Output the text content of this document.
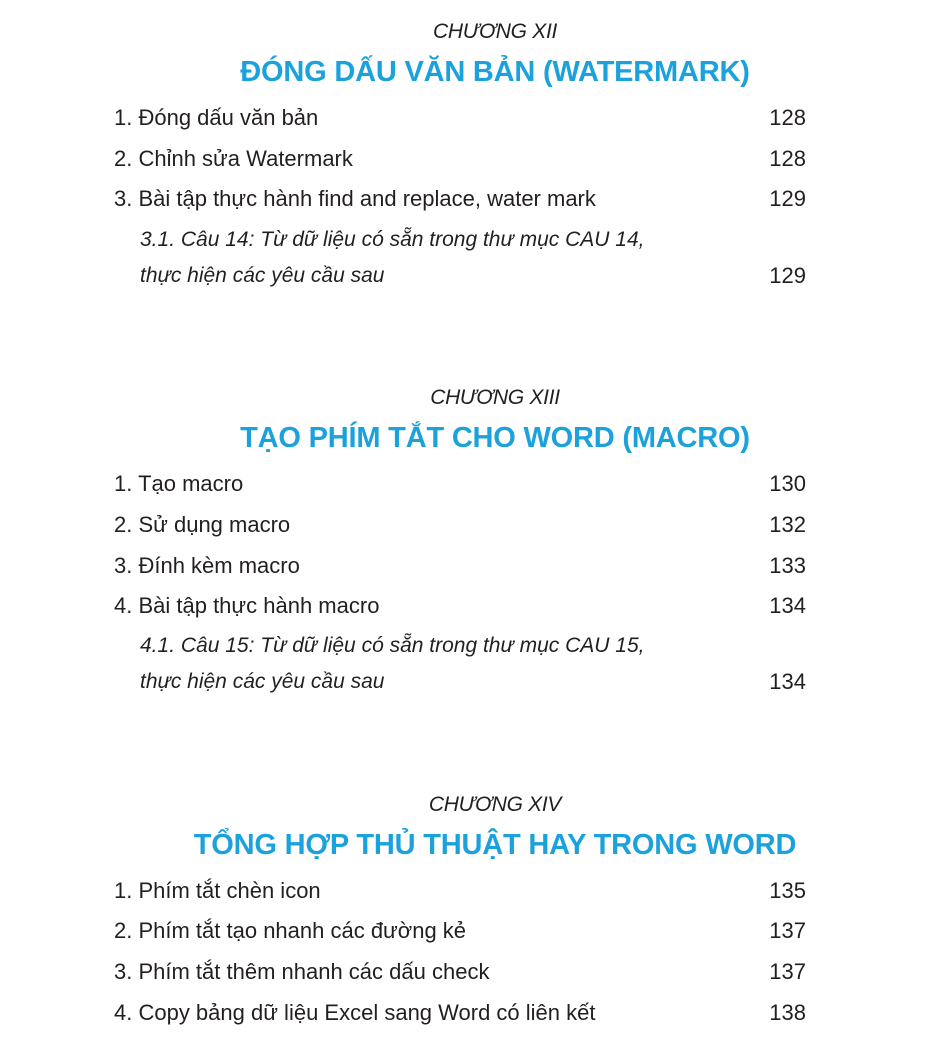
CHƯƠNG XII
ĐÓNG DẤU VĂN BẢN (WATERMARK)
1. Đóng dấu văn bản	128
2. Chỉnh sửa Watermark	128
3. Bài tập thực hành find and replace, water mark	129
3.1. Câu 14: Từ dữ liệu có sẵn trong thư mục CAU 14,
thực hiện các yêu cầu sau	129
CHƯƠNG XIII
TẠO PHÍM TẮT CHO WORD (MACRO)
1. Tạo macro	130
2. Sử dụng macro	132
3. Đính kèm macro	133
4. Bài tập thực hành macro	134
4.1. Câu 15: Từ dữ liệu có sẵn trong thư mục CAU 15,
thực hiện các yêu cầu sau	134
CHƯƠNG XIV
TỔNG HỢP THỦ THUẬT HAY TRONG WORD
1. Phím tắt chèn icon	135
2. Phím tắt tạo nhanh các đường kẻ	137
3. Phím tắt thêm nhanh các dấu check	137
4. Copy bảng dữ liệu Excel sang Word có liên kết	138
